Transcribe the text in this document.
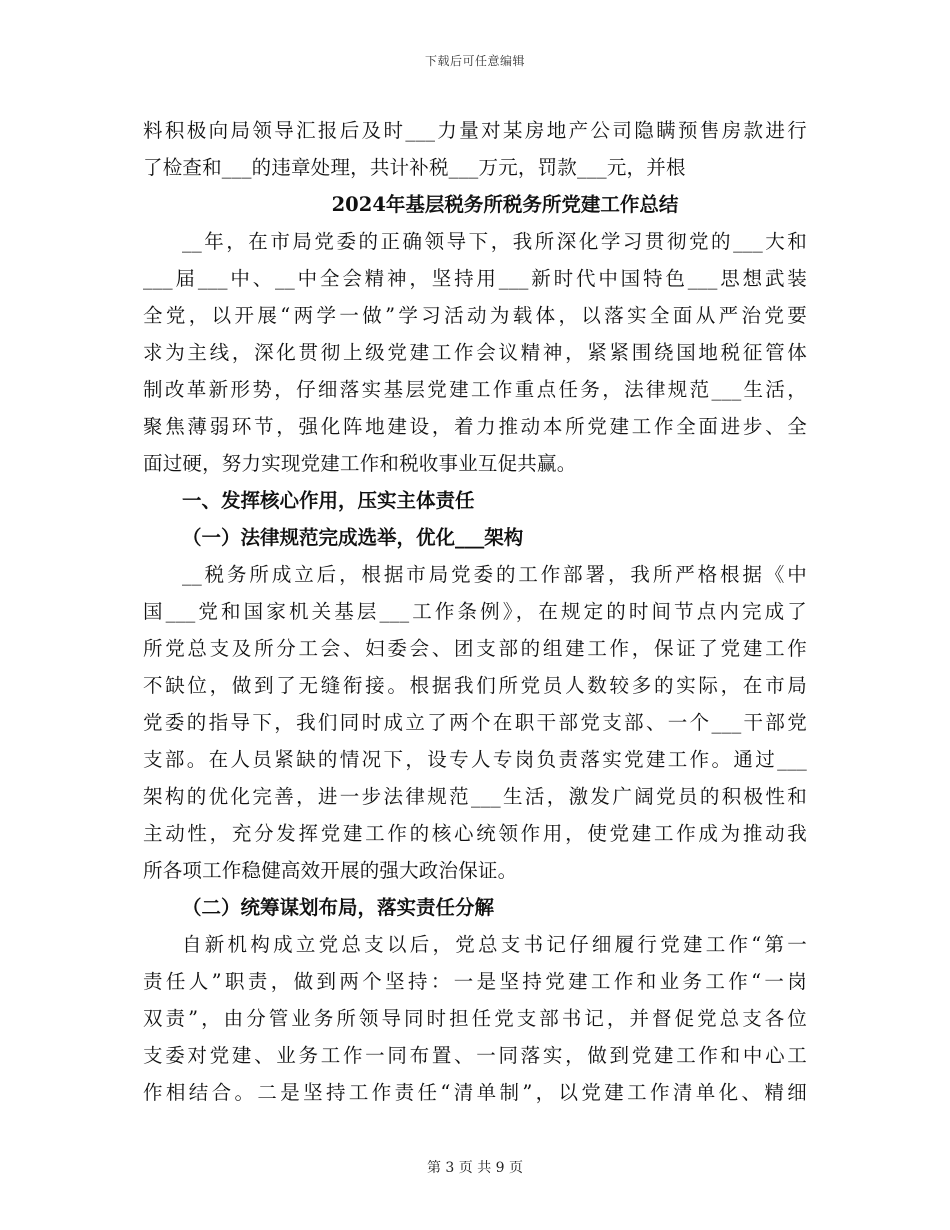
下载后可任意编辑
料积极向局领导汇报后及时___力量对某房地产公司隐瞒预售房款进行
了检查和___的违章处理，共计补税___万元，罚款___元，并根
2024年基层税务所税务所党建工作总结
__年，在市局党委的正确领导下，我所深化学习贯彻党的___大和
___届___中、__中全会精神，坚持用___新时代中国特色___思想武装
全党，以开展“两学一做”学习活动为载体，以落实全面从严治党要
求为主线，深化贯彻上级党建工作会议精神，紧紧围绕国地税征管体
制改革新形势，仔细落实基层党建工作重点任务，法律规范___生活，
聚焦薄弱环节，强化阵地建设，着力推动本所党建工作全面进步、全
面过硬，努力实现党建工作和税收事业互促共赢。
一、发挥核心作用，压实主体责任
（一）法律规范完成选举，优化___架构
__税务所成立后，根据市局党委的工作部署，我所严格根据《中
国___党和国家机关基层___工作条例》，在规定的时间节点内完成了
所党总支及所分工会、妇委会、团支部的组建工作，保证了党建工作
不缺位，做到了无缝衔接。根据我们所党员人数较多的实际，在市局
党委的指导下，我们同时成立了两个在职干部党支部、一个___干部党
支部。在人员紧缺的情况下，设专人专岗负责落实党建工作。通过___
架构的优化完善，进一步法律规范___生活，激发广阔党员的积极性和
主动性，充分发挥党建工作的核心统领作用，使党建工作成为推动我
所各项工作稳健高效开展的强大政治保证。
（二）统筹谋划布局，落实责任分解
自新机构成立党总支以后，党总支书记仔细履行党建工作“第一
责任人”职责，做到两个坚持：一是坚持党建工作和业务工作“一岗
双责”，由分管业务所领导同时担任党支部书记，并督促党总支各位
支委对党建、业务工作一同布置、一同落实，做到党建工作和中心工
作相结合。二是坚持工作责任“清单制”，以党建工作清单化、精细
第 3 页 共 9 页
